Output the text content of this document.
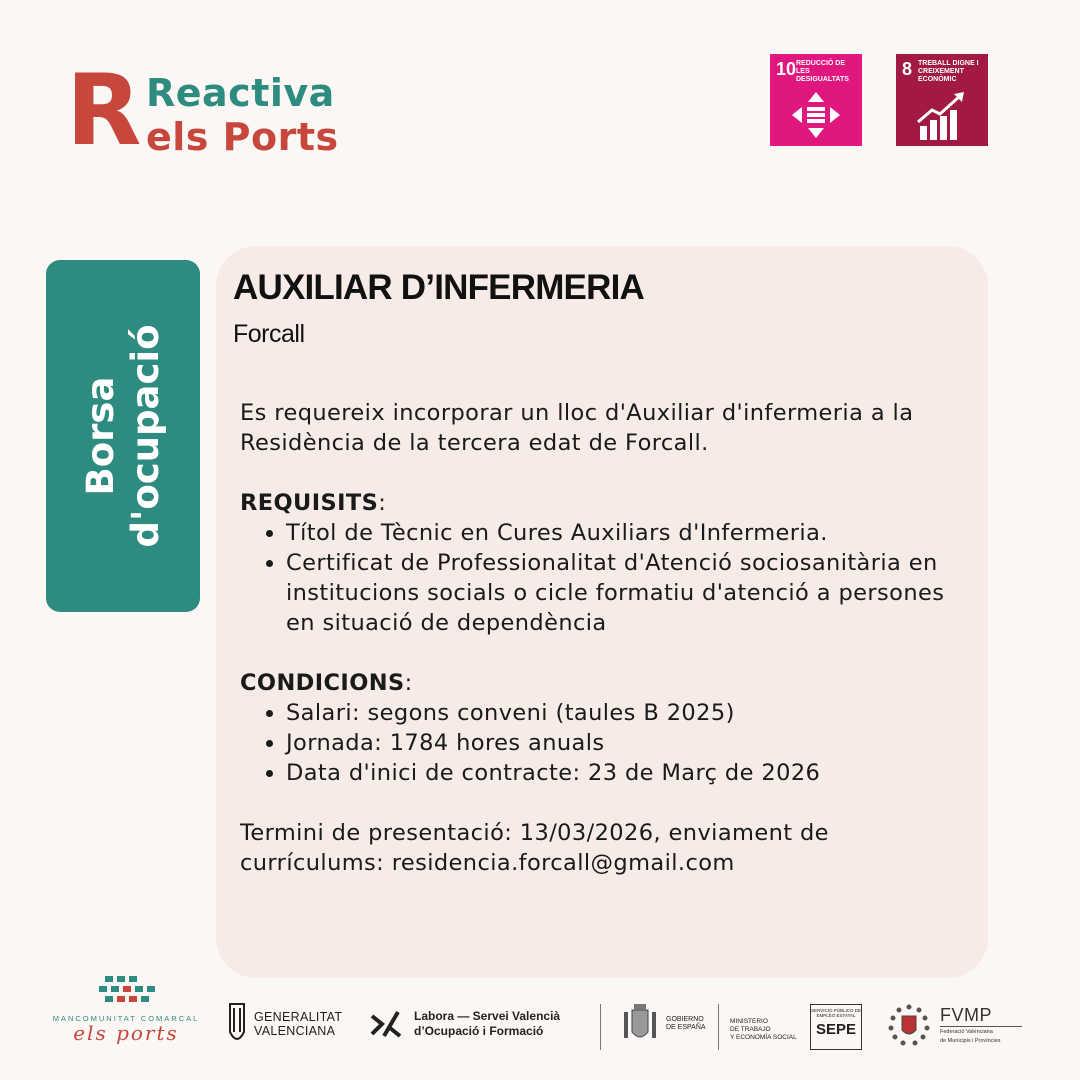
R Reactiva
els Ports
10 REDUCCIÓ DE LES DESIGUALTATS
8 TREBALL DIGNE I CREIXEMENT ECONÒMIC
Borsa d'ocupació
AUXILIAR D’INFERMERIA
Forcall

Es requereix incorporar un lloc d'Auxiliar d'infermeria a la Residència de la tercera edat de Forcall.

REQUISITS:

• Títol de Tècnic en Cures Auxiliars d'Infermeria.
• Certificat de Professionalitat d'Atenció sociosanitària en institucions socials o cicle formatiu d'atenció a persones en situació de dependència

CONDICIONS:

• Salari: segons conveni (taules B 2025)
• Jornada: 1784 hores anuals
• Data d'inici de contracte: 23 de Març de 2026

Termini de presentació: 13/03/2026, enviament de currículums: residencia.forcall@gmail.com

MANCOMUNITAT COMARCAL
els ports
GENERALITAT
VALENCIANA
Labora — Servei Valencià
d’Ocupació i Formació
GOBIERNO
DE ESPAÑA
MINISTERIO
DE TRABAJO
Y ECONOMÍA SOCIAL
SERVICIO PÚBLICO DE EMPLEO ESTATAL
SEPE
FVMP
Federació Valenciana
de Municipis i Províncies
